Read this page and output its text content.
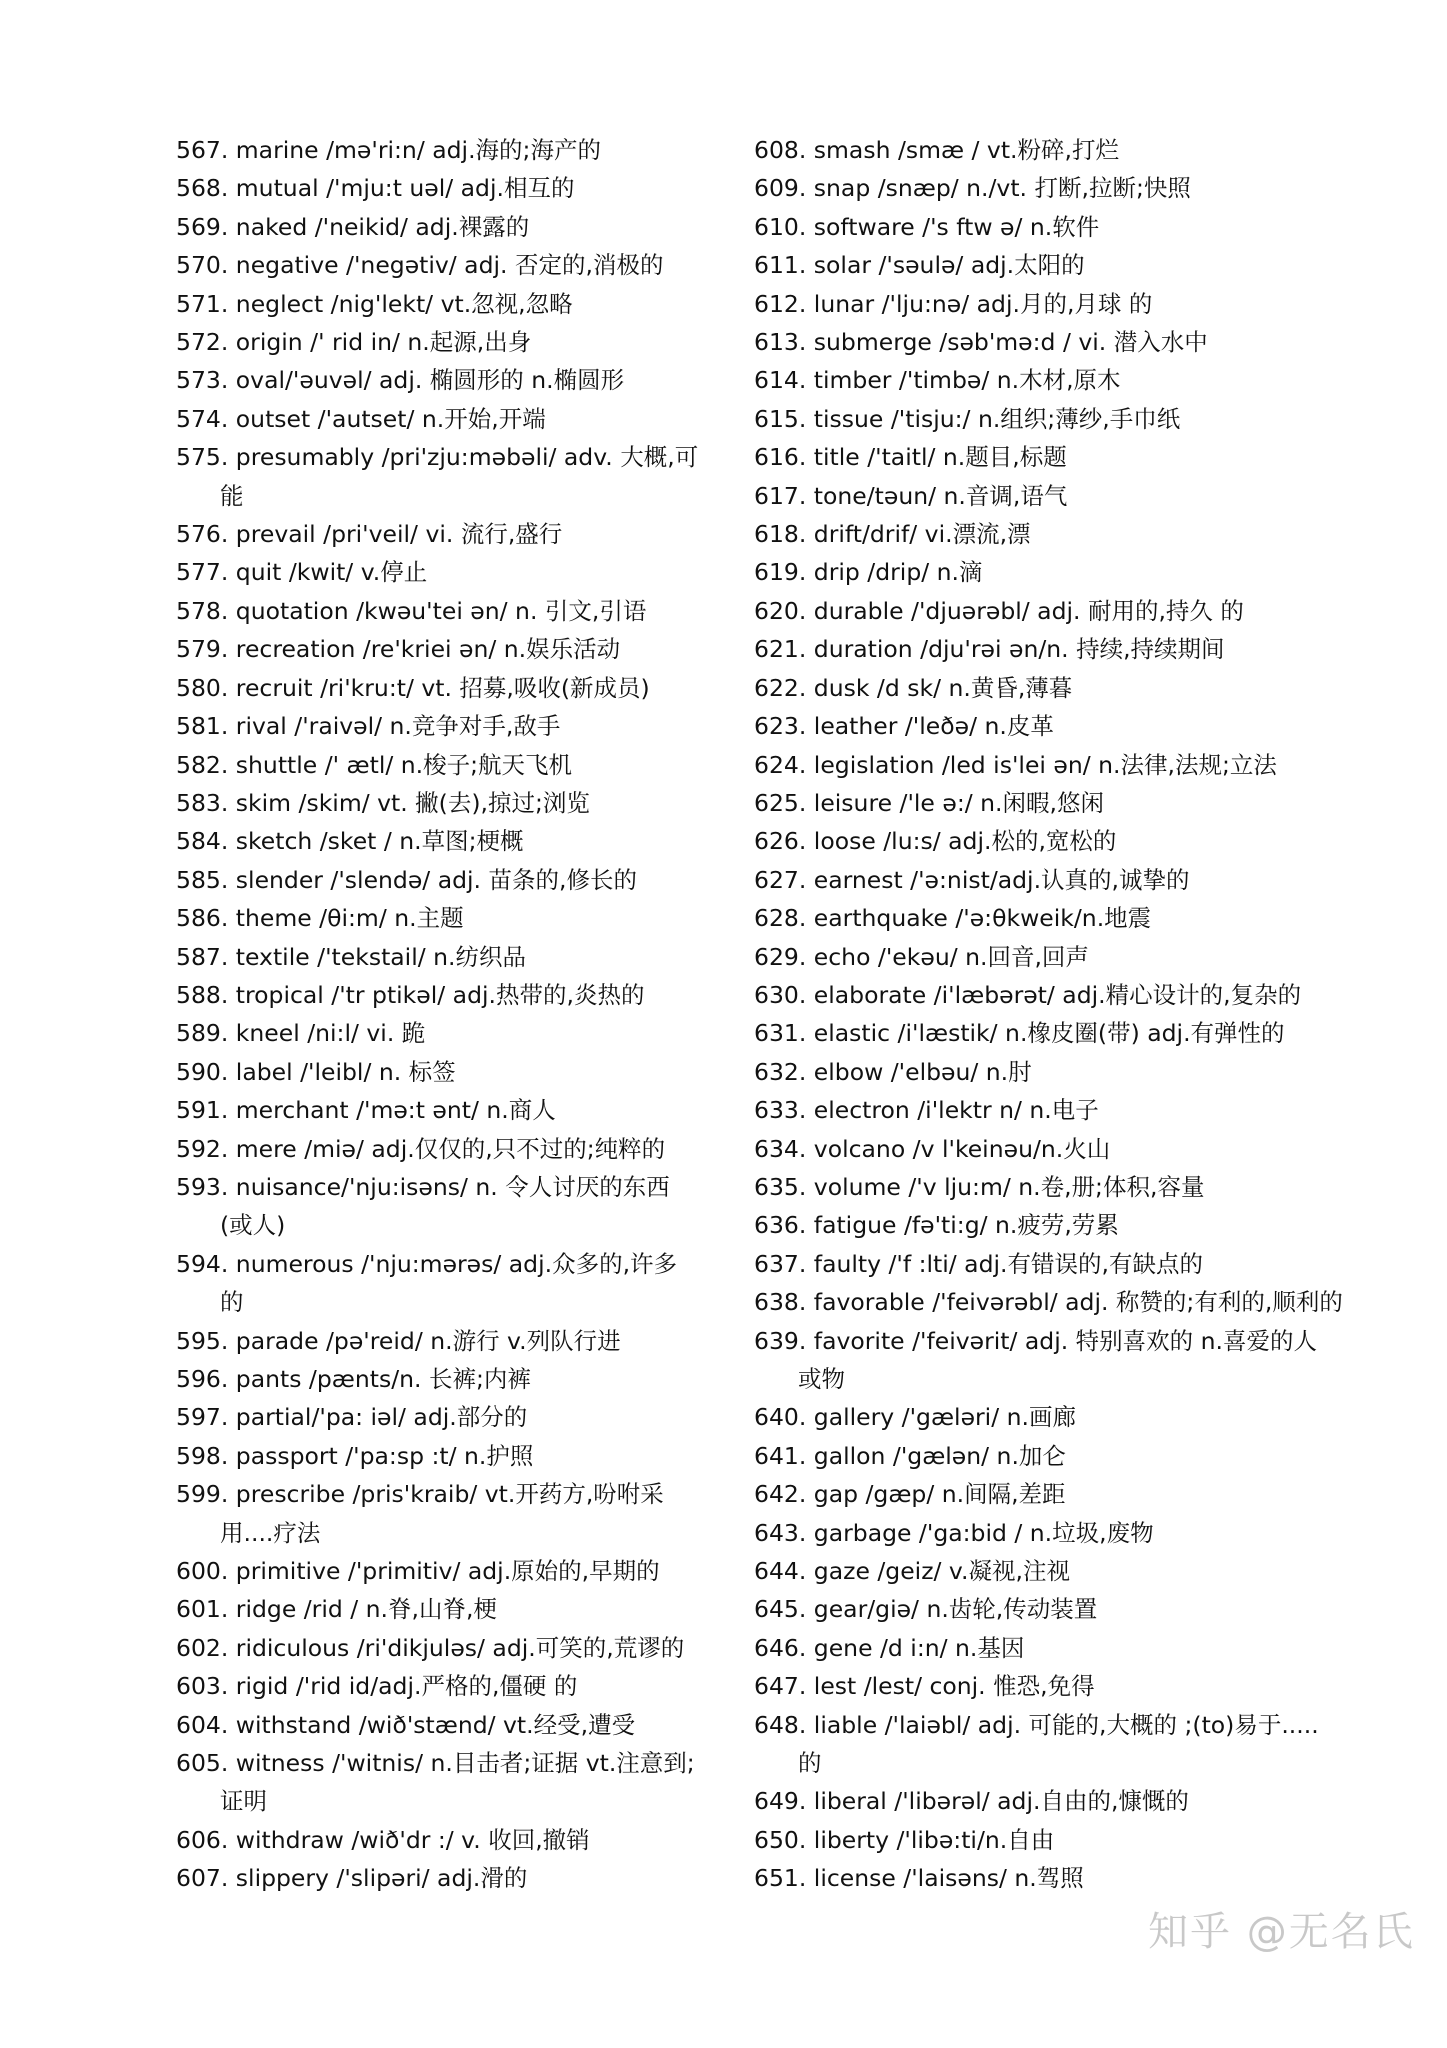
567. marine /mə'ri:n/ adj.海的;海产的
568. mutual /'mju:t uəl/ adj.相互的
569. naked /'neikid/ adj.裸露的
570. negative /'negətiv/ adj. 否定的,消极的
571. neglect /nig'lekt/ vt.忽视,忽略
572. origin /' rid in/ n.起源,出身
573. oval/'əuvəl/ adj. 椭圆形的 n.椭圆形
574. outset /'autset/ n.开始,开端
575. presumably /pri'zju:məbəli/ adv. 大概,可
能
576. prevail /pri'veil/ vi. 流行,盛行
577. quit /kwit/ v.停止
578. quotation /kwəu'tei ən/ n. 引文,引语
579. recreation /re'kriei ən/ n.娱乐活动
580. recruit /ri'kru:t/ vt. 招募,吸收(新成员)
581. rival /'raivəl/ n.竞争对手,敌手
582. shuttle /' ætl/ n.梭子;航天飞机
583. skim /skim/ vt. 撇(去),掠过;浏览
584. sketch /sket / n.草图;梗概
585. slender /'slendə/ adj. 苗条的,修长的
586. theme /θi:m/ n.主题
587. textile /'tekstail/ n.纺织品
588. tropical /'tr ptikəl/ adj.热带的,炎热的
589. kneel /ni:l/ vi. 跪
590. label /'leibl/ n. 标签
591. merchant /'mə:t ənt/ n.商人
592. mere /miə/ adj.仅仅的,只不过的;纯粹的
593. nuisance/'nju:isəns/ n. 令人讨厌的东西
(或人)
594. numerous /'nju:mərəs/ adj.众多的,许多
的
595. parade /pə'reid/ n.游行 v.列队行进
596. pants /pænts/n. 长裤;内裤
597. partial/'pa: iəl/ adj.部分的
598. passport /'pa:sp :t/ n.护照
599. prescribe /pris'kraib/ vt.开药方,吩咐采
用....疗法
600. primitive /'primitiv/ adj.原始的,早期的
601. ridge /rid / n.脊,山脊,梗
602. ridiculous /ri'dikjuləs/ adj.可笑的,荒谬的
603. rigid /'rid id/adj.严格的,僵硬 的
604. withstand /wið'stænd/ vt.经受,遭受
605. witness /'witnis/ n.目击者;证据 vt.注意到;
证明
606. withdraw /wið'dr :/ v. 收回,撤销
607. slippery /'slipəri/ adj.滑的
608. smash /smæ / vt.粉碎,打烂
609. snap /snæp/ n./vt. 打断,拉断;快照
610. software /'s ftw ə/ n.软件
611. solar /'səulə/ adj.太阳的
612. lunar /'lju:nə/ adj.月的,月球 的
613. submerge /səb'mə:d / vi. 潜入水中
614. timber /'timbə/ n.木材,原木
615. tissue /'tisju:/ n.组织;薄纱,手巾纸
616. title /'taitl/ n.题目,标题
617. tone/təun/ n.音调,语气
618. drift/drif/ vi.漂流,漂
619. drip /drip/ n.滴
620. durable /'djuərəbl/ adj. 耐用的,持久 的
621. duration /dju'rəi ən/n. 持续,持续期间
622. dusk /d sk/ n.黄昏,薄暮
623. leather /'leðə/ n.皮革
624. legislation /led is'lei ən/ n.法律,法规;立法
625. leisure /'le ə:/ n.闲暇,悠闲
626. loose /lu:s/ adj.松的,宽松的
627. earnest /'ə:nist/adj.认真的,诚挚的
628. earthquake /'ə:θkweik/n.地震
629. echo /'ekəu/ n.回音,回声
630. elaborate /i'læbərət/ adj.精心设计的,复杂的
631. elastic /i'læstik/ n.橡皮圈(带) adj.有弹性的
632. elbow /'elbəu/ n.肘
633. electron /i'lektr n/ n.电子
634. volcano /v l'keinəu/n.火山
635. volume /'v lju:m/ n.卷,册;体积,容量
636. fatigue /fə'ti:g/ n.疲劳,劳累
637. faulty /'f :lti/ adj.有错误的,有缺点的
638. favorable /'feivərəbl/ adj. 称赞的;有利的,顺利的
639. favorite /'feivərit/ adj. 特别喜欢的 n.喜爱的人
或物
640. gallery /'gæləri/ n.画廊
641. gallon /'gælən/ n.加仑
642. gap /gæp/ n.间隔,差距
643. garbage /'ga:bid / n.垃圾,废物
644. gaze /geiz/ v.凝视,注视
645. gear/giə/ n.齿轮,传动装置
646. gene /d i:n/ n.基因
647. lest /lest/ conj. 惟恐,免得
648. liable /'laiəbl/ adj. 可能的,大概的 ;(to)易于.....
的
649. liberal /'libərəl/ adj.自由的,慷慨的
650. liberty /'libə:ti/n.自由
651. license /'laisəns/ n.驾照
知乎 @无名氏
